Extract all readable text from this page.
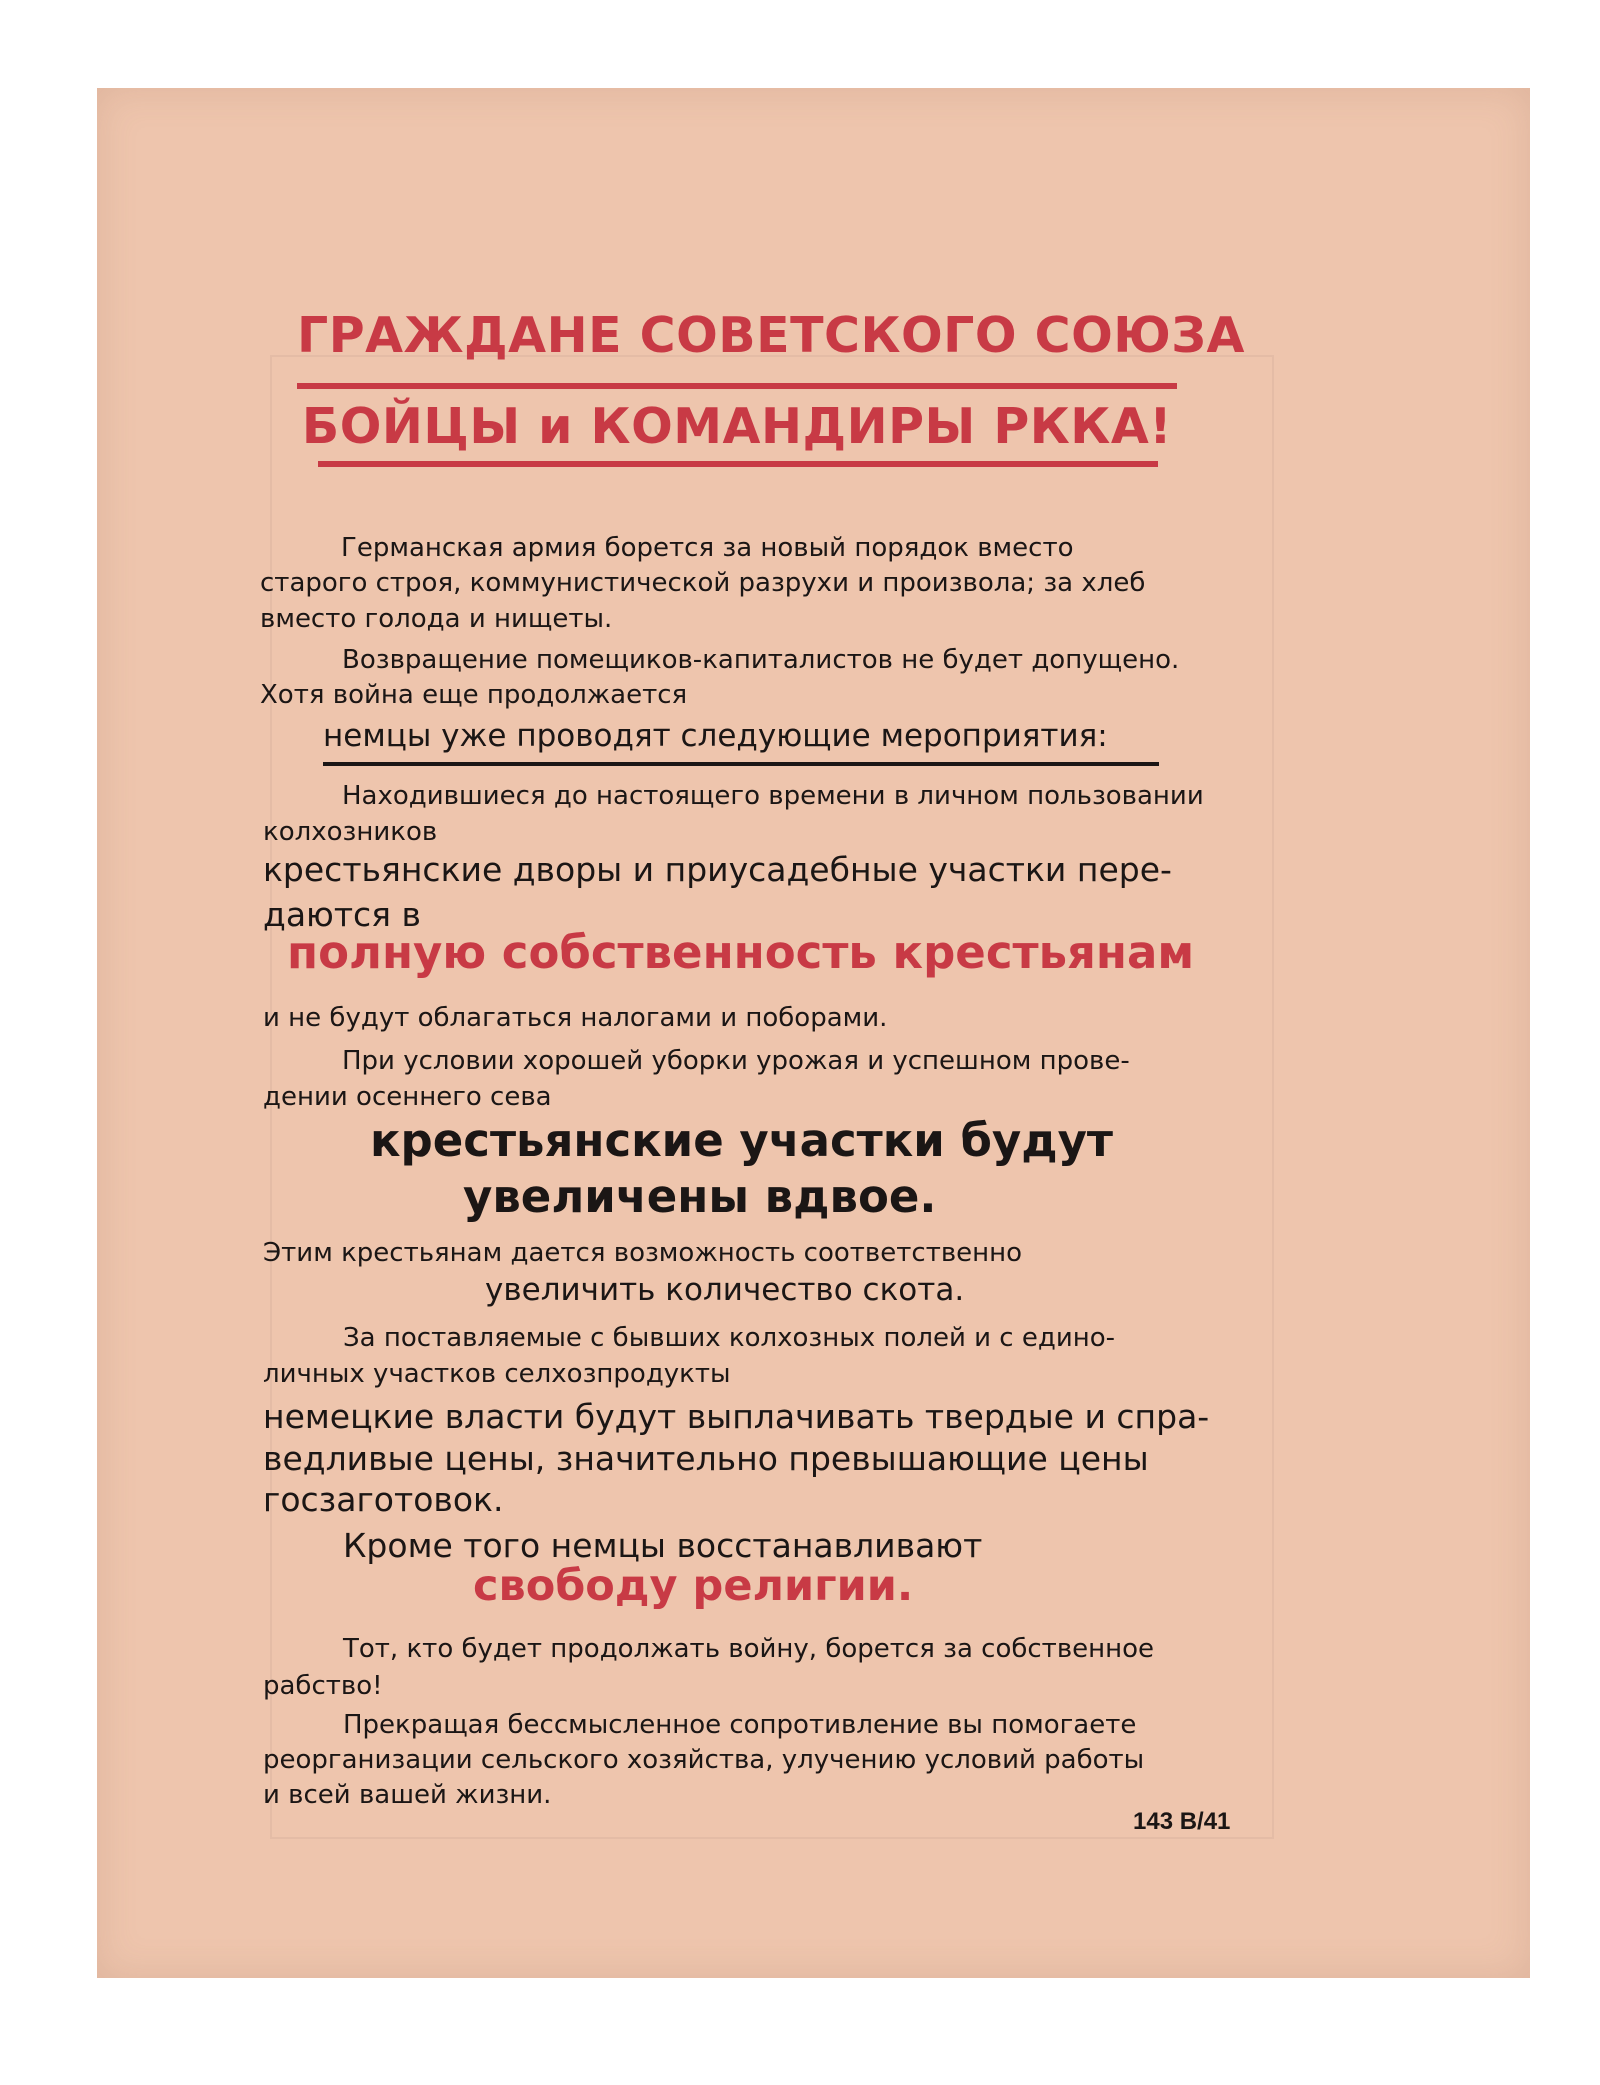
ГРАЖДАНЕ СОВЕТСКОГО СОЮЗА
БОЙЦЫ и КОМАНДИРЫ РККА!
Германская армия борется за новый порядок вместо
старого строя, коммунистической разрухи и произвола; за хлеб
вместо голода и нищеты.
Возвращение помещиков-капиталистов не будет допущено.
Хотя война еще продолжается
немцы уже проводят следующие мероприятия:
Находившиеся до настоящего времени в личном пользовании
колхозников
крестьянские дворы и приусадебные участки пере-
даются в
полную собственность крестьянам
и не будут облагаться налогами и поборами.
При условии хорошей уборки урожая и успешном прове-
дении осеннего сева
крестьянские участки будут
увеличены вдвое.
Этим крестьянам дается возможность соответственно
увеличить количество скота.
За поставляемые с бывших колхозных полей и с едино-
личных участков селхозпродукты
немецкие власти будут выплачивать твердые и спра-
ведливые цены, значительно превышающие цены
госзаготовок.
Кроме того немцы восстанавливают
свободу религии.
Тот, кто будет продолжать войну, борется за собственное
рабство!
Прекращая бессмысленное сопротивление вы помогаете
реорганизации сельского хозяйства, улучению условий работы
и всей вашей жизни.
143 В/41
